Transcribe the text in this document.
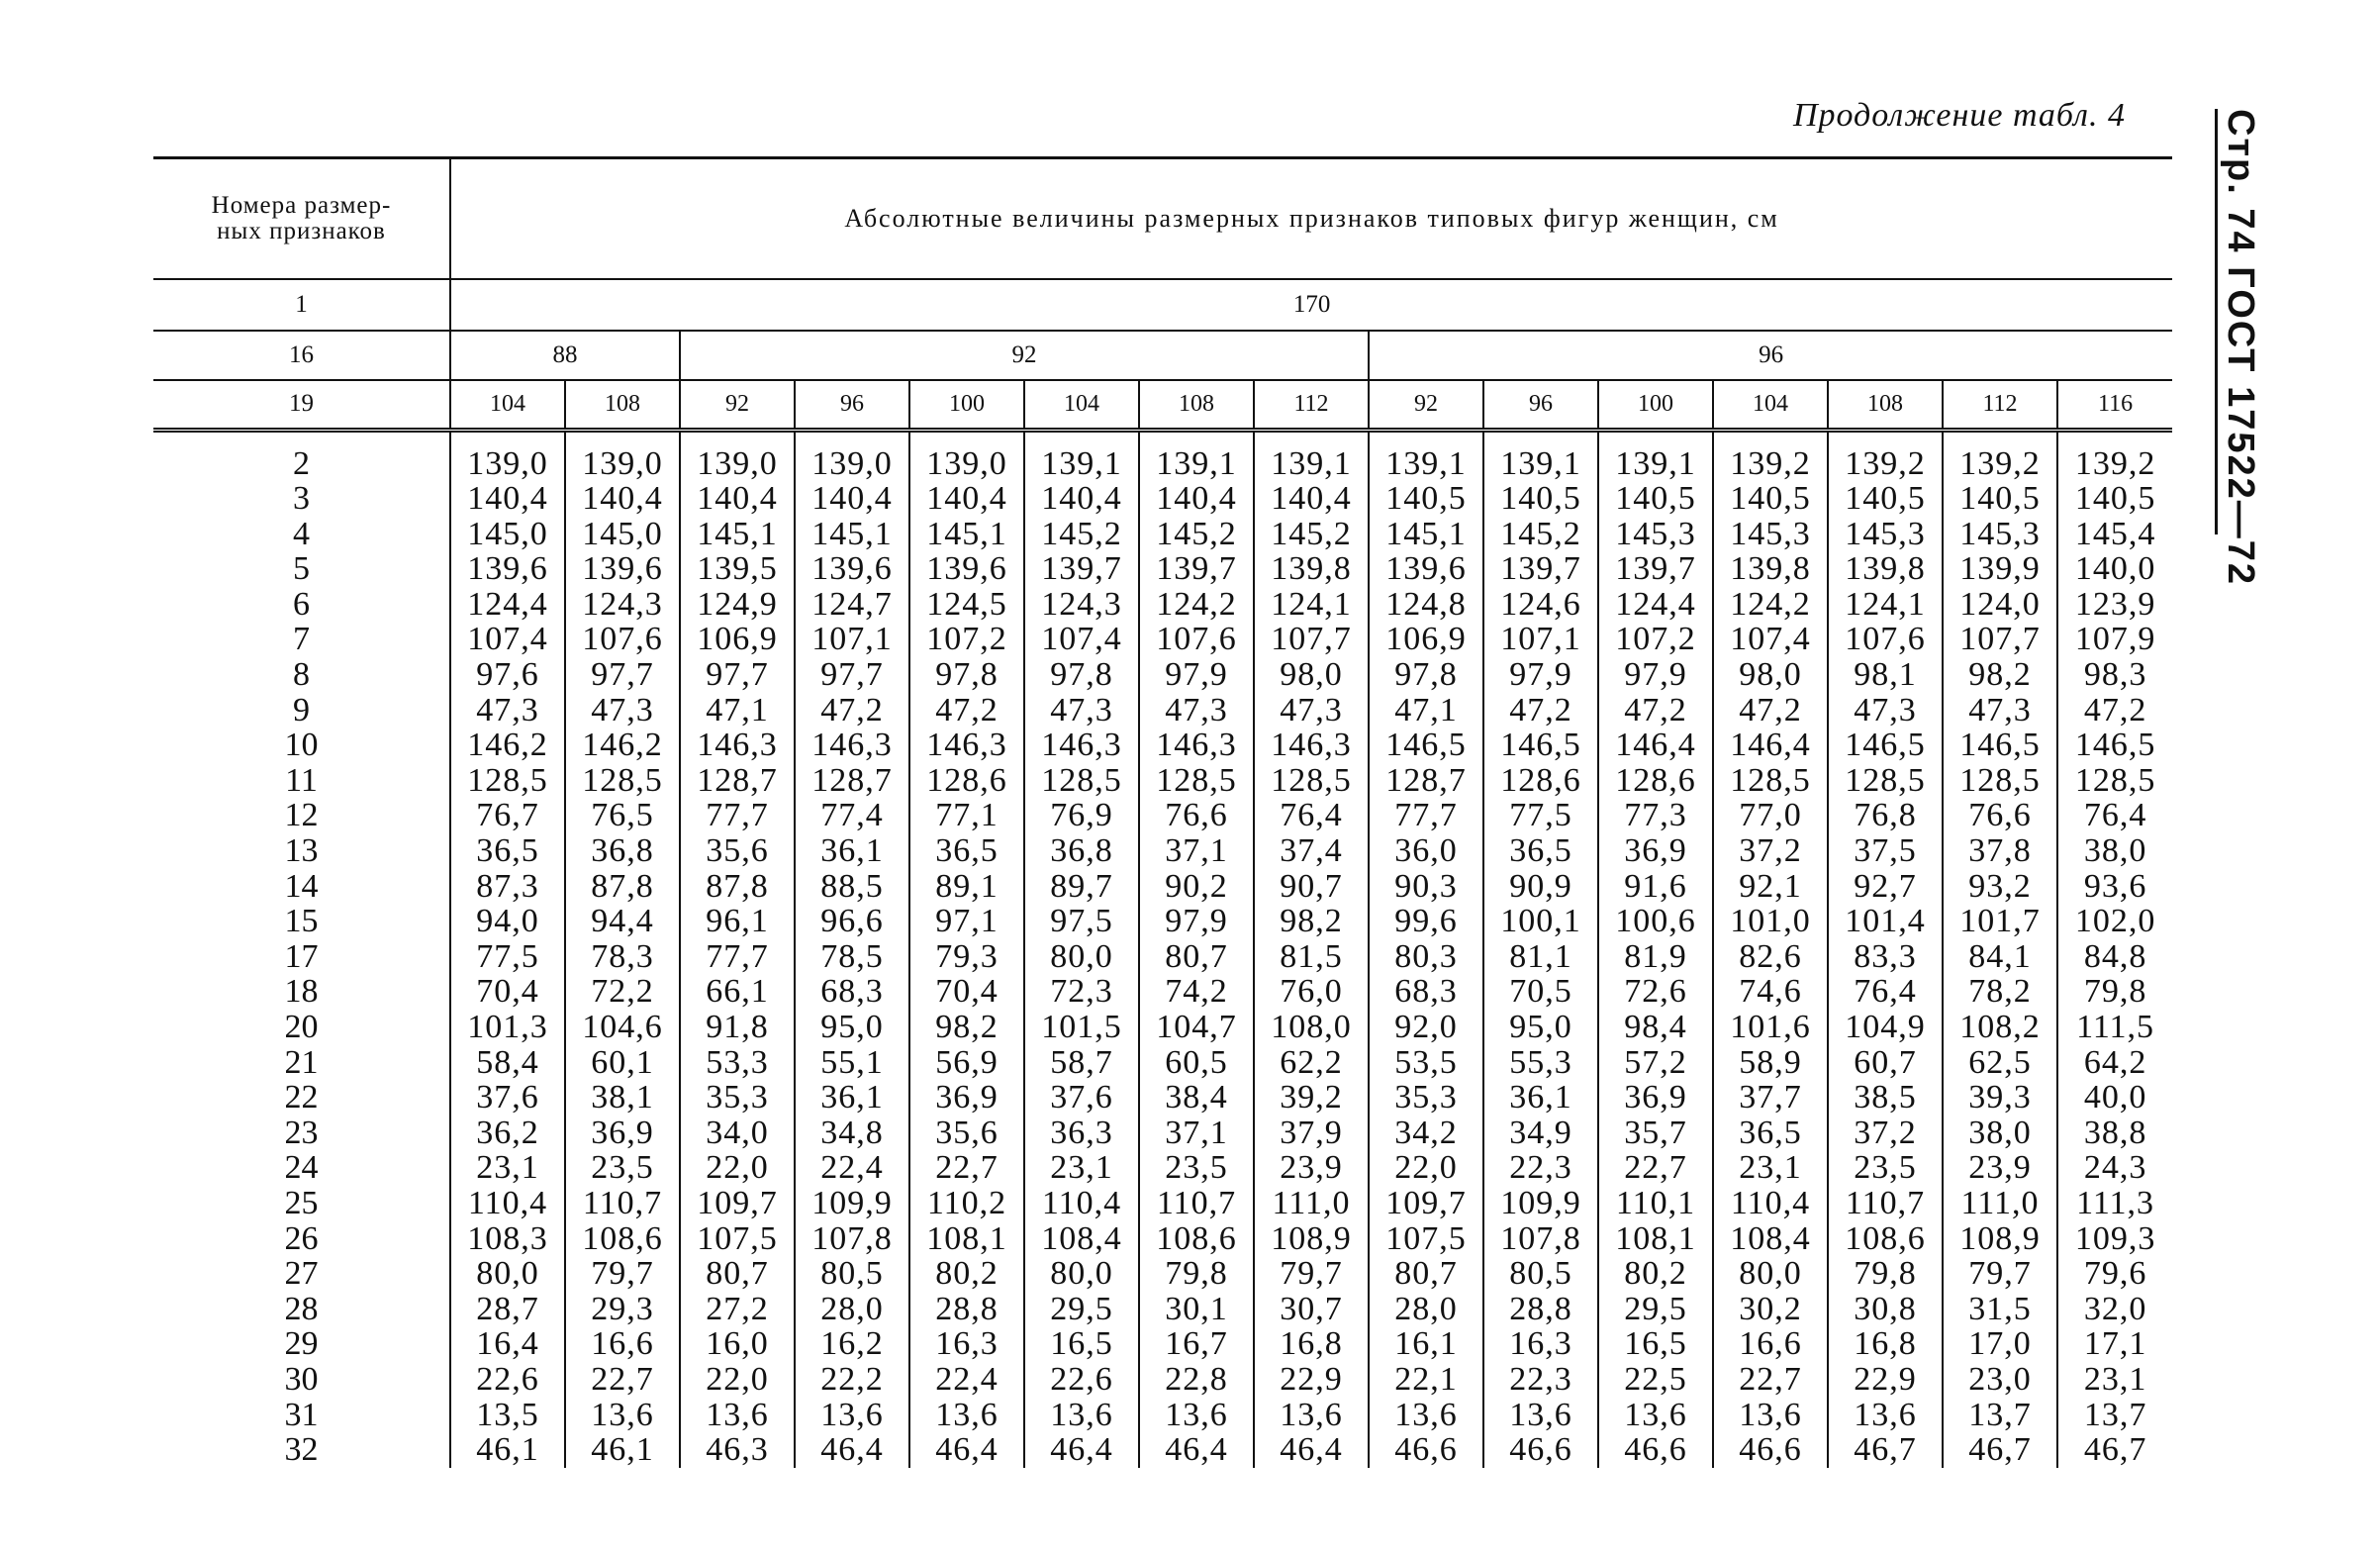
Продолжение табл. 4	Стр. 74 ГОСТ 17522—72
Номера размер-
ных признаков	Абсолютные величины размерных признаков типовых фигур женщин, см														
1	170														
16	88		92						96						
19	104	108	92	96	100	104	108	112	92	96	100	104	108	112	116

2	139,0	139,0	139,0	139,0	139,0	139,1	139,1	139,1	139,1	139,1	139,1	139,2	139,2	139,2	139,2
3	140,4	140,4	140,4	140,4	140,4	140,4	140,4	140,4	140,5	140,5	140,5	140,5	140,5	140,5	140,5
4	145,0	145,0	145,1	145,1	145,1	145,2	145,2	145,2	145,1	145,2	145,3	145,3	145,3	145,3	145,4
5	139,6	139,6	139,5	139,6	139,6	139,7	139,7	139,8	139,6	139,7	139,7	139,8	139,8	139,9	140,0
6	124,4	124,3	124,9	124,7	124,5	124,3	124,2	124,1	124,8	124,6	124,4	124,2	124,1	124,0	123,9
7	107,4	107,6	106,9	107,1	107,2	107,4	107,6	107,7	106,9	107,1	107,2	107,4	107,6	107,7	107,9
8	97,6	97,7	97,7	97,7	97,8	97,8	97,9	98,0	97,8	97,9	97,9	98,0	98,1	98,2	98,3
9	47,3	47,3	47,1	47,2	47,2	47,3	47,3	47,3	47,1	47,2	47,2	47,2	47,3	47,3	47,2
10	146,2	146,2	146,3	146,3	146,3	146,3	146,3	146,3	146,5	146,5	146,4	146,4	146,5	146,5	146,5
11	128,5	128,5	128,7	128,7	128,6	128,5	128,5	128,5	128,7	128,6	128,6	128,5	128,5	128,5	128,5
12	76,7	76,5	77,7	77,4	77,1	76,9	76,6	76,4	77,7	77,5	77,3	77,0	76,8	76,6	76,4
13	36,5	36,8	35,6	36,1	36,5	36,8	37,1	37,4	36,0	36,5	36,9	37,2	37,5	37,8	38,0
14	87,3	87,8	87,8	88,5	89,1	89,7	90,2	90,7	90,3	90,9	91,6	92,1	92,7	93,2	93,6
15	94,0	94,4	96,1	96,6	97,1	97,5	97,9	98,2	99,6	100,1	100,6	101,0	101,4	101,7	102,0
17	77,5	78,3	77,7	78,5	79,3	80,0	80,7	81,5	80,3	81,1	81,9	82,6	83,3	84,1	84,8
18	70,4	72,2	66,1	68,3	70,4	72,3	74,2	76,0	68,3	70,5	72,6	74,6	76,4	78,2	79,8
20	101,3	104,6	91,8	95,0	98,2	101,5	104,7	108,0	92,0	95,0	98,4	101,6	104,9	108,2	111,5
21	58,4	60,1	53,3	55,1	56,9	58,7	60,5	62,2	53,5	55,3	57,2	58,9	60,7	62,5	64,2
22	37,6	38,1	35,3	36,1	36,9	37,6	38,4	39,2	35,3	36,1	36,9	37,7	38,5	39,3	40,0
23	36,2	36,9	34,0	34,8	35,6	36,3	37,1	37,9	34,2	34,9	35,7	36,5	37,2	38,0	38,8
24	23,1	23,5	22,0	22,4	22,7	23,1	23,5	23,9	22,0	22,3	22,7	23,1	23,5	23,9	24,3
25	110,4	110,7	109,7	109,9	110,2	110,4	110,7	111,0	109,7	109,9	110,1	110,4	110,7	111,0	111,3
26	108,3	108,6	107,5	107,8	108,1	108,4	108,6	108,9	107,5	107,8	108,1	108,4	108,6	108,9	109,3
27	80,0	79,7	80,7	80,5	80,2	80,0	79,8	79,7	80,7	80,5	80,2	80,0	79,8	79,7	79,6
28	28,7	29,3	27,2	28,0	28,8	29,5	30,1	30,7	28,0	28,8	29,5	30,2	30,8	31,5	32,0
29	16,4	16,6	16,0	16,2	16,3	16,5	16,7	16,8	16,1	16,3	16,5	16,6	16,8	17,0	17,1
30	22,6	22,7	22,0	22,2	22,4	22,6	22,8	22,9	22,1	22,3	22,5	22,7	22,9	23,0	23,1
31	13,5	13,6	13,6	13,6	13,6	13,6	13,6	13,6	13,6	13,6	13,6	13,6	13,6	13,7	13,7
32	46,1	46,1	46,3	46,4	46,4	46,4	46,4	46,4	46,6	46,6	46,6	46,6	46,7	46,7	46,7
